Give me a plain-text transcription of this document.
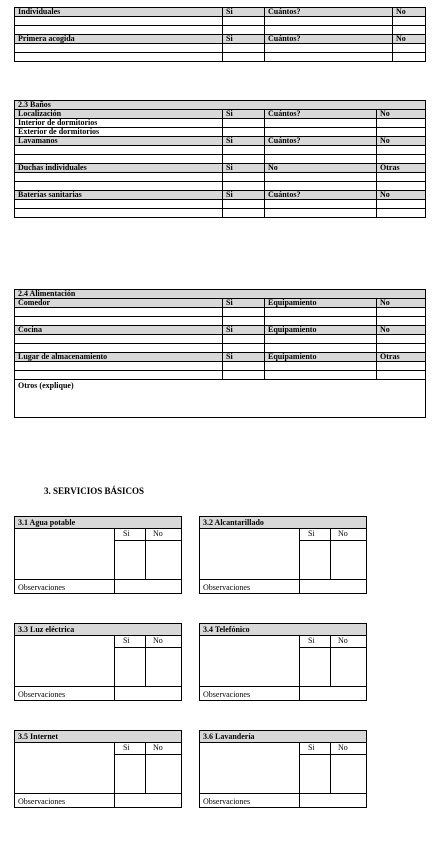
Individuales	Si	Cuántos?	No

Primera acogida	Si	Cuántos?	No

2.3 Baños			
Localización	Si	Cuántos?	No
Interior de dormitorios			
Exterior de dormitorios			
Lavamanos	Si	Cuántos?	No

Duchas individuales	Si	No	Otras

Baterías sanitarias	Si	Cuántos?	No

2.4 Alimentación			
Comedor	Si	Equipamiento	No

Cocina	Si	Equipamiento	No

Lugar de almacenamiento	Si	Equipamiento	Otras

Otros (explique)			
3. SERVICIOS BÁSICOS
3.1 Agua potable
Si	No
Observaciones
3.2 Alcantarillado
Si	No
Observaciones
3.3 Luz eléctrica
Si	No
Observaciones
3.4 Telefónico
Si	No
Observaciones
3.5 Internet
Si	No
Observaciones
3.6 Lavandería
Si	No
Observaciones
